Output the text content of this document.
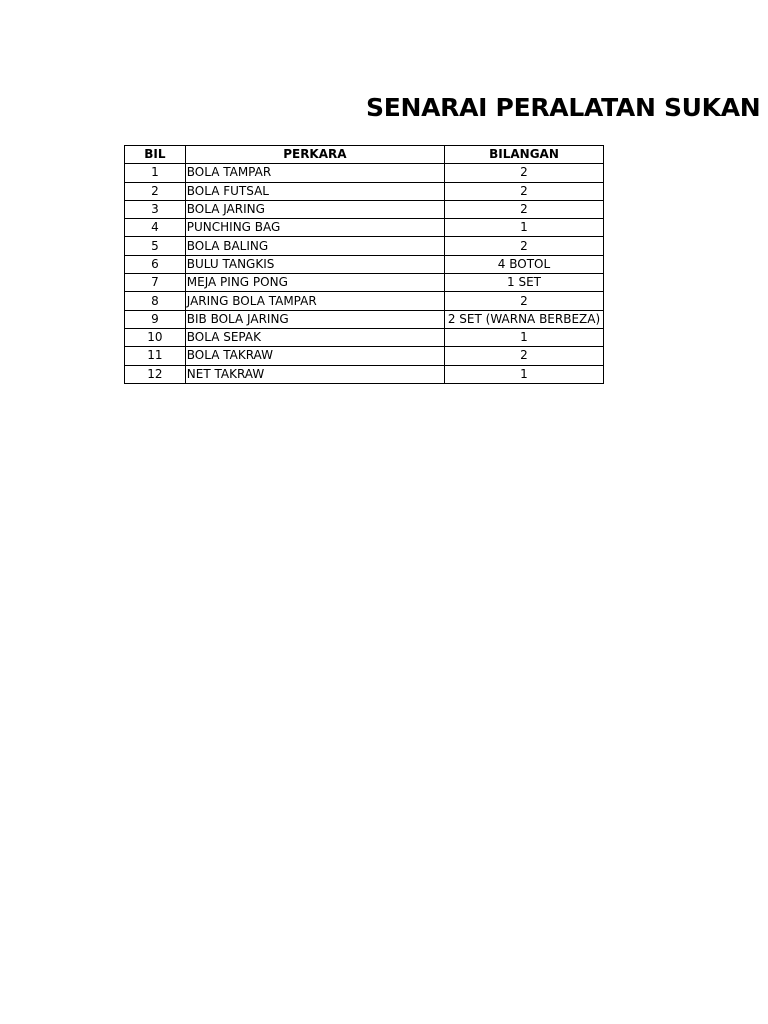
SENARAI PERALATAN SUKAN
BIL	PERKARA	BILANGAN
1	BOLA TAMPAR	2
2	BOLA FUTSAL	2
3	BOLA JARING	2
4	PUNCHING BAG	1
5	BOLA BALING	2
6	BULU TANGKIS	4 BOTOL
7	MEJA PING PONG	1 SET
8	JARING BOLA TAMPAR	2
9	BIB BOLA JARING	2 SET (WARNA BERBEZA)
10	BOLA SEPAK	1
11	BOLA TAKRAW	2
12	NET TAKRAW	1
